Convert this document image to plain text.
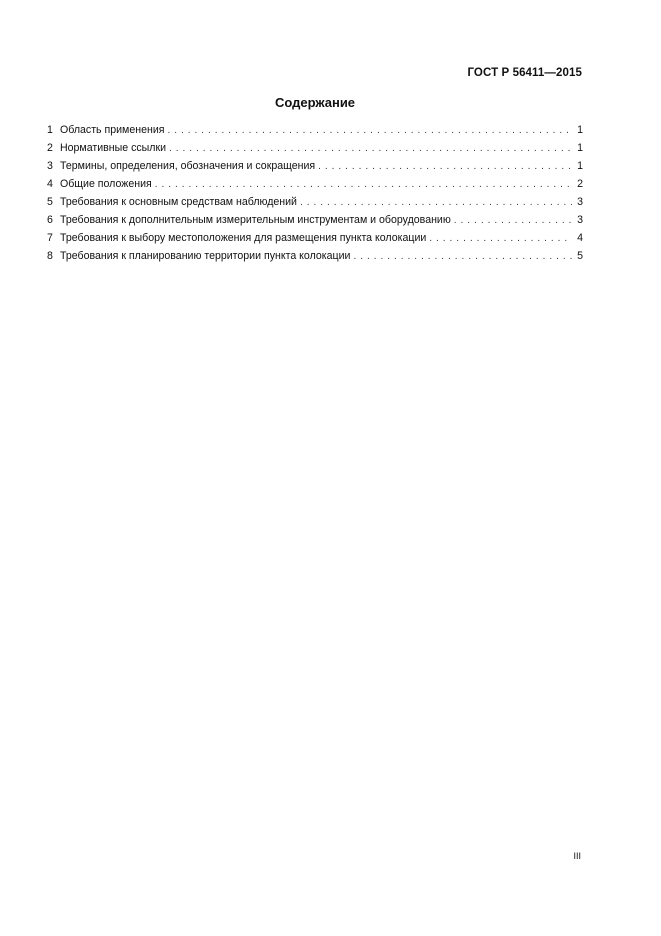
ГОСТ Р 56411—2015
Содержание
1 Область применения . . .	1
2 Нормативные ссылки . . .	1
3 Термины, определения, обозначения и сокращения . . .	1
4 Общие положения . . .	2
5 Требования к основным средствам наблюдений . . .	3
6 Требования к дополнительным измерительным инструментам и оборудованию . . .	3
7 Требования к выбору местоположения для размещения пункта колокации . . .	4
8 Требования к планированию территории пункта колокации . . .	5
III
